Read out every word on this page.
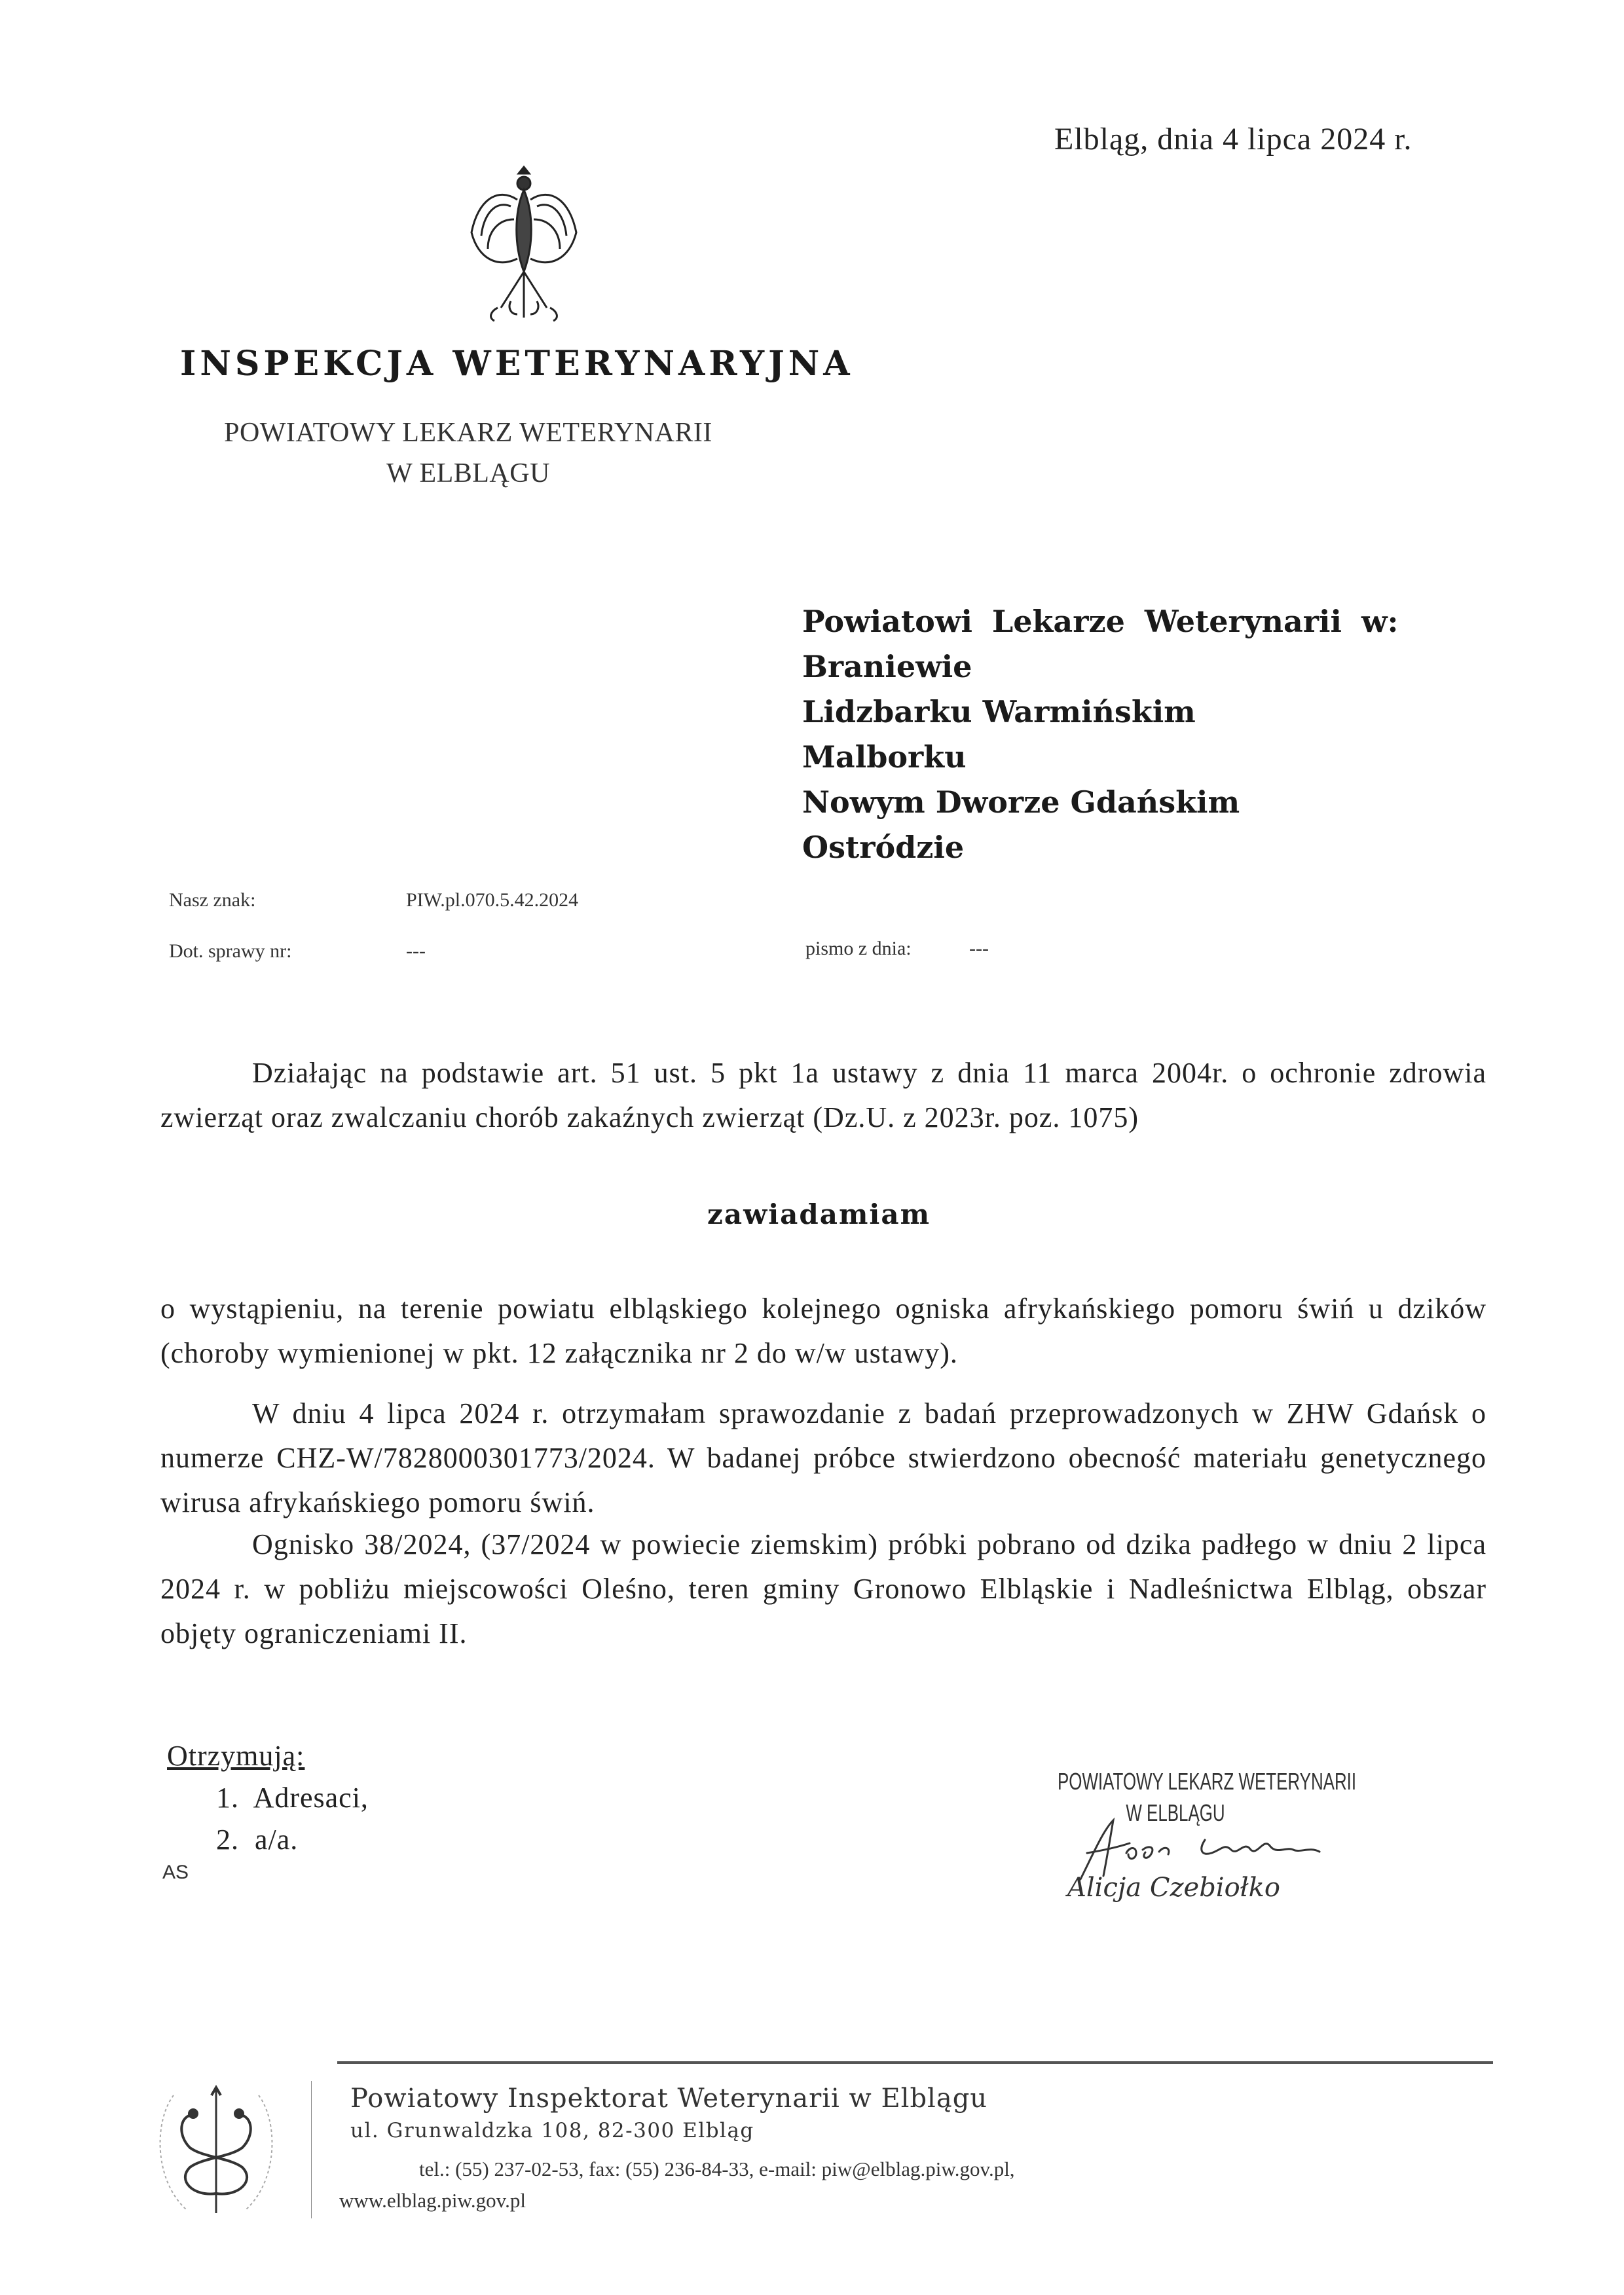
Elbląg, dnia 4 lipca 2024 r.
INSPEKCJA WETERYNARYJNA
POWIATOWY LEKARZ WETERYNARII
W ELBLĄGU
Powiatowi Lekarze Weterynarii w:
Braniewie
Lidzbarku Warmińskim
Malborku
Nowym Dworze Gdańskim
Ostródzie
Nasz znak:	PIW.pl.070.5.42.2024
Dot. sprawy nr:	---	pismo z dnia:	---
Działając na podstawie art. 51 ust. 5 pkt 1a ustawy z dnia 11 marca 2004r. o ochronie zdrowia zwierząt oraz zwalczaniu chorób zakaźnych zwierząt (Dz.U. z 2023r. poz. 1075)
zawiadamiam
o wystąpieniu, na terenie powiatu elbląskiego kolejnego ogniska afrykańskiego pomoru świń u dzików (choroby wymienionej w pkt. 12 załącznika nr 2 do w/w ustawy).
W dniu 4 lipca 2024 r. otrzymałam sprawozdanie z badań przeprowadzonych w ZHW Gdańsk o numerze CHZ-W/7828000301773/2024. W badanej próbce stwierdzono obecność materiału genetycznego wirusa afrykańskiego pomoru świń.
Ognisko 38/2024, (37/2024 w powiecie ziemskim) próbki pobrano od dzika padłego w dniu 2 lipca 2024 r. w pobliżu miejscowości Oleśno, teren gminy Gronowo Elbląskie i Nadleśnictwa Elbląg, obszar objęty ograniczeniami II.
Otrzymują:
1.  Adresaci,
2.  a/a.
AS
POWIATOWY LEKARZ WETERYNARII
W ELBLĄGU
Alicja Czebiołko
Powiatowy Inspektorat Weterynarii w Elblągu
ul. Grunwaldzka 108, 82-300 Elbląg
tel.: (55) 237-02-53, fax: (55) 236-84-33, e-mail: piw@elblag.piw.gov.pl,
www.elblag.piw.gov.pl
